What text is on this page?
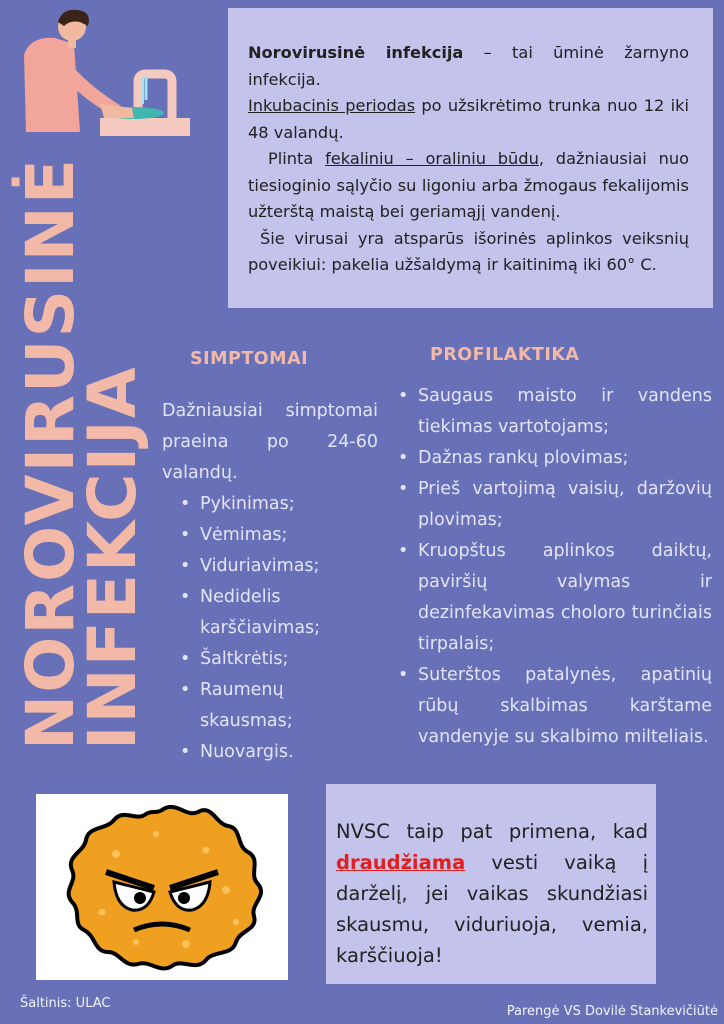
NOROVIRUSINĖ
INFEKCIJA

Norovirusinė infekcija – tai ūminė žarnyno infekcija.

Inkubacinis periodas po užsikrėtimo trunka nuo 12 iki 48 valandų.

Plinta fekaliniu – oraliniu būdu, dažniausiai nuo tiesioginio sąlyčio su ligoniu arba žmogaus fekalijomis užterštą maistą bei geriamąjį vandenį.

Šie virusai yra atsparūs išorinės aplinkos veiksnių poveikiui: pakelia užšaldymą ir kaitinimą iki 60° C.

SIMPTOMAI

Dažniausiai simptomai praeina po 24-60 valandų.

• Pykinimas;
• Vėmimas;
• Viduriavimas;
• Nedidelis karščiavimas;
• Šaltkrėtis;
• Raumenų skausmas;
• Nuovargis.
PROFILAKTIKA
• Saugaus maisto ir vandens tiekimas vartotojams;
• Dažnas rankų plovimas;
• Prieš vartojimą vaisių, daržovių plovimas;
• Kruopštus aplinkos daiktų, paviršių valymas ir dezinfekavimas choloro turinčiais tirpalais;
• Suterštos patalynės, apatinių rūbų skalbimas karštame vandenyje su skalbimo milteliais.
NVSC taip pat primena, kad draudžiama vesti vaiką į darželį, jei vaikas skundžiasi skausmu, viduriuoja, vemia, karščiuoja!
Šaltinis: ULAC
Parengė VS Dovilė Stankevičiūtė
